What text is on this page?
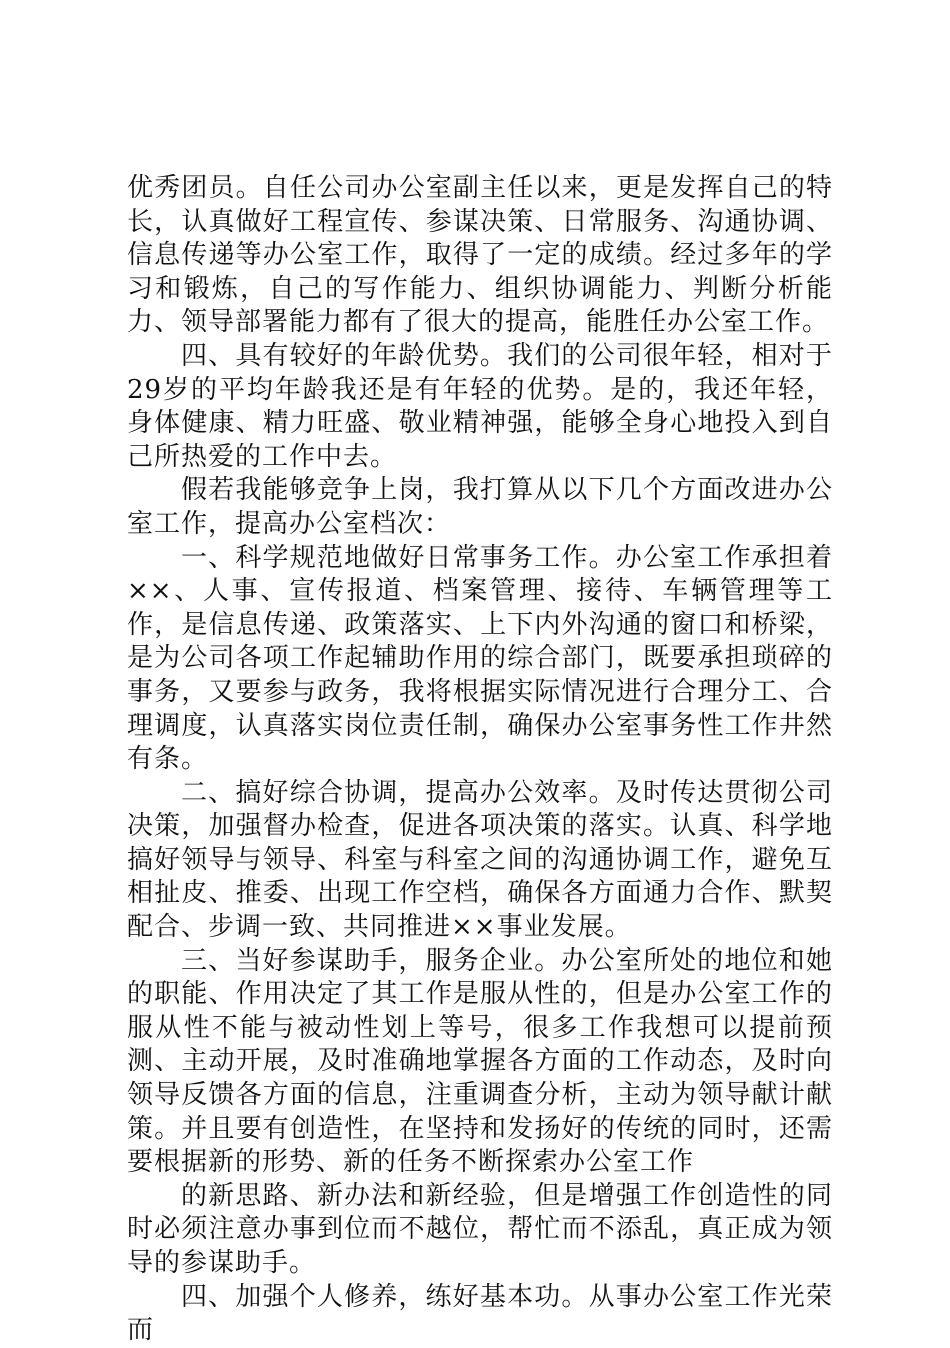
优秀团员。自任公司办公室副主任以来，更是发挥自己的特长，认真做好工程宣传、参谋决策、日常服务、沟通协调、信息传递等办公室工作，取得了一定的成绩。经过多年的学习和锻炼，自己的写作能力、组织协调能力、判断分析能力、领导部署能力都有了很大的提高，能胜任办公室工作。

四、具有较好的年龄优势。我们的公司很年轻，相对于29岁的平均年龄我还是有年轻的优势。是的，我还年轻，身体健康、精力旺盛、敬业精神强，能够全身心地投入到自己所热爱的工作中去。

假若我能够竞争上岗，我打算从以下几个方面改进办公室工作，提高办公室档次：

一、科学规范地做好日常事务工作。办公室工作承担着××、人事、宣传报道、档案管理、接待、车辆管理等工作，是信息传递、政策落实、上下内外沟通的窗口和桥梁，是为公司各项工作起辅助作用的综合部门，既要承担琐碎的事务，又要参与政务，我将根据实际情况进行合理分工、合理调度，认真落实岗位责任制，确保办公室事务性工作井然有条。

二、搞好综合协调，提高办公效率。及时传达贯彻公司决策，加强督办检查，促进各项决策的落实。认真、科学地搞好领导与领导、科室与科室之间的沟通协调工作，避免互相扯皮、推委、出现工作空档，确保各方面通力合作、默契配合、步调一致、共同推进××事业发展。

三、当好参谋助手，服务企业。办公室所处的地位和她的职能、作用决定了其工作是服从性的，但是办公室工作的服从性不能与被动性划上等号，很多工作我想可以提前预测、主动开展，及时准确地掌握各方面的工作动态，及时向领导反馈各方面的信息，注重调查分析，主动为领导献计献策。并且要有创造性，在坚持和发扬好的传统的同时，还需要根据新的形势、新的任务不断探索办公室工作

的新思路、新办法和新经验，但是增强工作创造性的同时必须注意办事到位而不越位，帮忙而不添乱，真正成为领导的参谋助手。

四、加强个人修养，练好基本功。从事办公室工作光荣而
